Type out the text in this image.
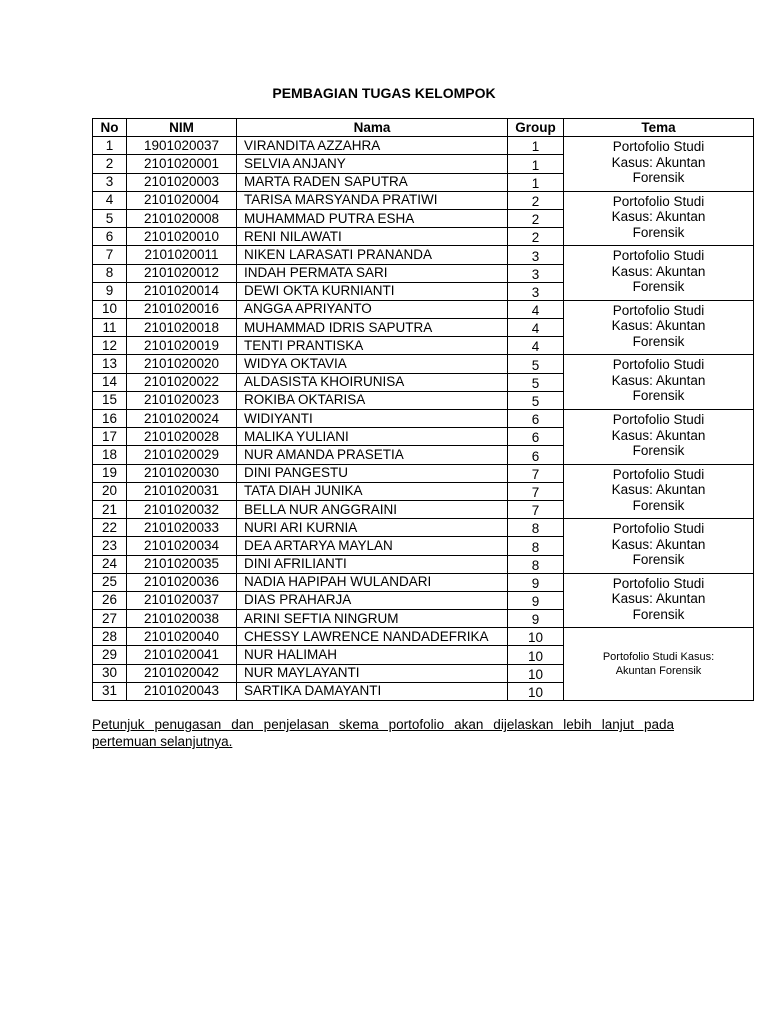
PEMBAGIAN TUGAS KELOMPOK
No	NIM	Nama	Group	Tema
1	1901020037	VIRANDITA AZZAHRA	1	Portofolio Studi
Kasus: Akuntan
Forensik
2	2101020001	SELVIA ANJANY	1	
3	2101020003	MARTA RADEN SAPUTRA	1	
4	2101020004	TARISA MARSYANDA PRATIWI	2	Portofolio Studi
Kasus: Akuntan
Forensik
5	2101020008	MUHAMMAD PUTRA ESHA	2	
6	2101020010	RENI NILAWATI	2	
7	2101020011	NIKEN LARASATI PRANANDA	3	Portofolio Studi
Kasus: Akuntan
Forensik
8	2101020012	INDAH PERMATA SARI	3	
9	2101020014	DEWI OKTA KURNIANTI	3	
10	2101020016	ANGGA APRIYANTO	4	Portofolio Studi
Kasus: Akuntan
Forensik
11	2101020018	MUHAMMAD IDRIS SAPUTRA	4	
12	2101020019	TENTI PRANTISKA	4	
13	2101020020	WIDYA OKTAVIA	5	Portofolio Studi
Kasus: Akuntan
Forensik
14	2101020022	ALDASISTA KHOIRUNISA	5	
15	2101020023	ROKIBA OKTARISA	5	
16	2101020024	WIDIYANTI	6	Portofolio Studi
Kasus: Akuntan
Forensik
17	2101020028	MALIKA YULIANI	6	
18	2101020029	NUR AMANDA PRASETIA	6	
19	2101020030	DINI PANGESTU	7	Portofolio Studi
Kasus: Akuntan
Forensik
20	2101020031	TATA DIAH JUNIKA	7	
21	2101020032	BELLA NUR ANGGRAINI	7	
22	2101020033	NURI ARI KURNIA	8	Portofolio Studi
Kasus: Akuntan
Forensik
23	2101020034	DEA ARTARYA MAYLAN	8	
24	2101020035	DINI AFRILIANTI	8	
25	2101020036	NADIA HAPIPAH WULANDARI	9	Portofolio Studi
Kasus: Akuntan
Forensik
26	2101020037	DIAS PRAHARJA	9	
27	2101020038	ARINI SEFTIA NINGRUM	9	
28	2101020040	CHESSY LAWRENCE NANDADEFRIKA	10	Portofolio Studi Kasus:
Akuntan Forensik
29	2101020041	NUR HALIMAH	10	
30	2101020042	NUR MAYLAYANTI	10	
31	2101020043	SARTIKA DAMAYANTI	10	
Petunjuk penugasan dan penjelasan skema portofolio akan dijelaskan lebih lanjut pada pertemuan selanjutnya.
